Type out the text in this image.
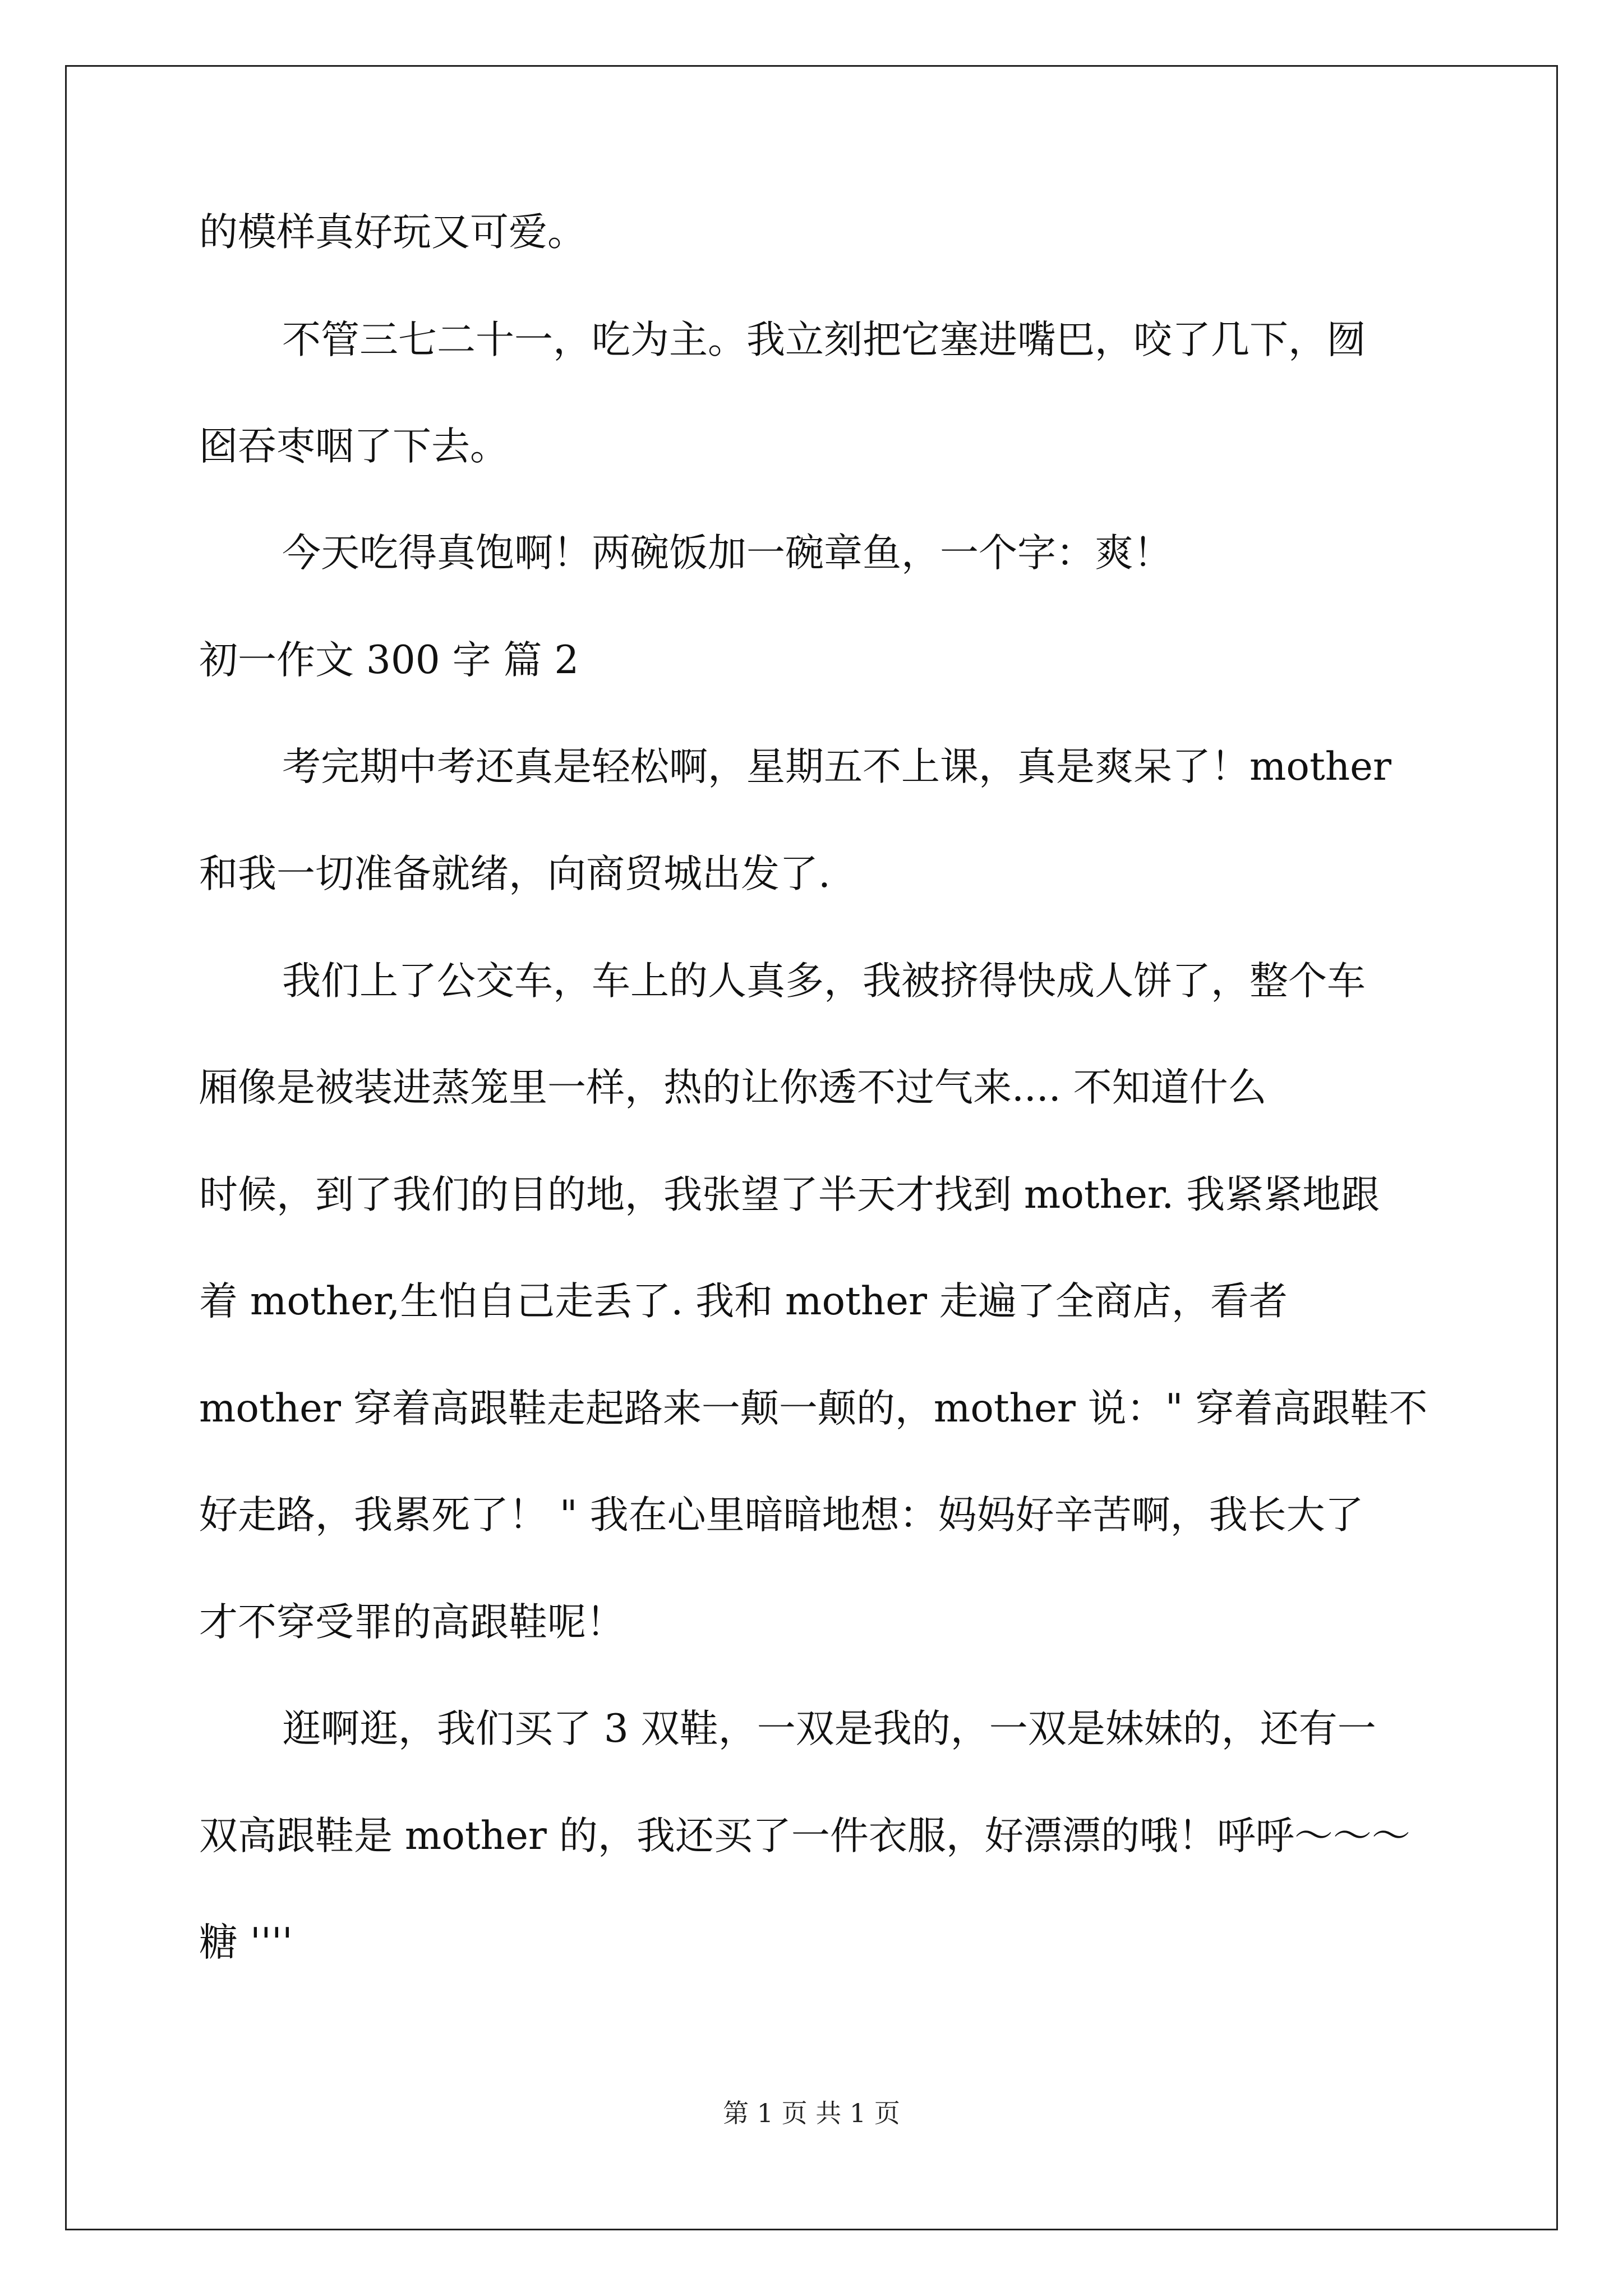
的模样真好玩又可爱。
不管三七二十一，吃为主。我立刻把它塞进嘴巴，咬了几下，囫
囵吞枣咽了下去。
今天吃得真饱啊！两碗饭加一碗章鱼，一个字：爽！
初一作文 300 字 篇 2
考完期中考还真是轻松啊，星期五不上课，真是爽呆了！mother
和我一切准备就绪，向商贸城出发了.
我们上了公交车，车上的人真多，我被挤得快成人饼了，整个车
厢像是被装进蒸笼里一样，热的让你透不过气来.... 不知道什么
时候，到了我们的目的地，我张望了半天才找到 mother. 我紧紧地跟
着 mother,生怕自己走丢了. 我和 mother 走遍了全商店，看者
mother 穿着高跟鞋走起路来一颠一颠的，mother 说：" 穿着高跟鞋不
好走路，我累死了！ " 我在心里暗暗地想：妈妈好辛苦啊，我长大了
才不穿受罪的高跟鞋呢！
逛啊逛，我们买了 3 双鞋，一双是我的，一双是妹妹的，还有一
双高跟鞋是 mother 的，我还买了一件衣服，好漂漂的哦！呼呼～～～
糖 ''''
第 1 页 共 1 页
